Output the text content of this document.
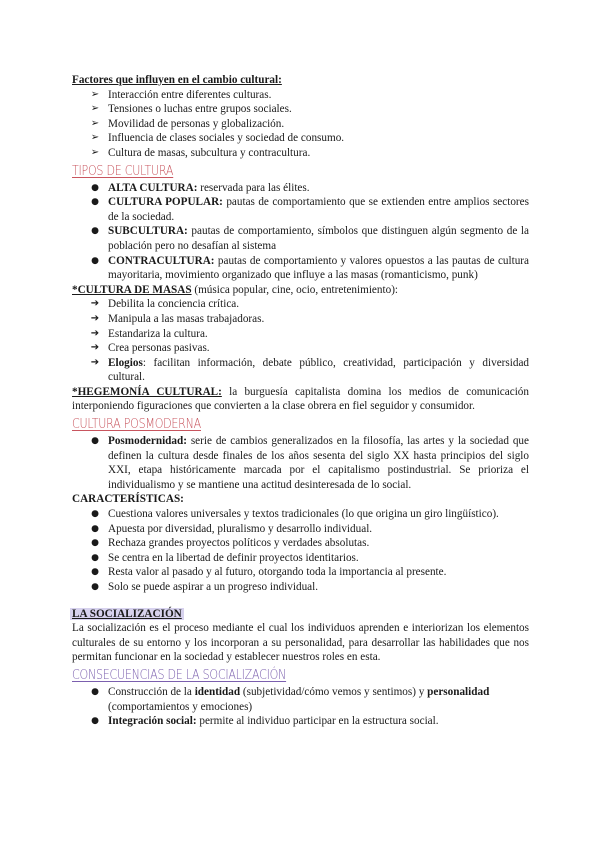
Factores que influyen en el cambio cultural:

➢ Interacción entre diferentes culturas.
➢ Tensiones o luchas entre grupos sociales.
➢ Movilidad de personas y globalización.
➢ Influencia de clases sociales y sociedad de consumo.
➢ Cultura de masas, subcultura y contracultura.

TIPOS DE CULTURA

● ALTA CULTURA: reservada para las élites.
● CULTURA POPULAR: pautas de comportamiento que se extienden entre amplios sectores de la sociedad.
● SUBCULTURA: pautas de comportamiento, símbolos que distinguen algún segmento de la población pero no desafían al sistema
● CONTRACULTURA: pautas de comportamiento y valores opuestos a las pautas de cultura mayoritaria, movimiento organizado que influye a las masas (romanticismo, punk)

*CULTURA DE MASAS (música popular, cine, ocio, entretenimiento):

➔ Debilita la conciencia crítica.
➔ Manipula a las masas trabajadoras.
➔ Estandariza la cultura.
➔ Crea personas pasivas.
➔ Elogios: facilitan información, debate público, creatividad, participación y diversidad cultural.

*HEGEMONÍA CULTURAL: la burguesía capitalista domina los medios de comunicación interponiendo figuraciones que convierten a la clase obrera en fiel seguidor y consumidor.

CULTURA POSMODERNA

● Posmodernidad: serie de cambios generalizados en la filosofía, las artes y la sociedad que definen la cultura desde finales de los años sesenta del siglo XX hasta principios del siglo XXI, etapa históricamente marcada por el capitalismo postindustrial. Se prioriza el individualismo y se mantiene una actitud desinteresada de lo social.

CARACTERÍSTICAS:

● Cuestiona valores universales y textos tradicionales (lo que origina un giro lingüístico).
● Apuesta por diversidad, pluralismo y desarrollo individual.
● Rechaza grandes proyectos políticos y verdades absolutas.
● Se centra en la libertad de definir proyectos identitarios.
● Resta valor al pasado y al futuro, otorgando toda la importancia al presente.
● Solo se puede aspirar a un progreso individual.

LA SOCIALIZACIÓN

La socialización es el proceso mediante el cual los individuos aprenden e interiorizan los elementos culturales de su entorno y los incorporan a su personalidad, para desarrollar las habilidades que nos permitan funcionar en la sociedad y establecer nuestros roles en esta.

CONSECUENCIAS DE LA SOCIALIZACIÓN

● Construcción de la identidad (subjetividad/cómo vemos y sentimos) y personalidad (comportamientos y emociones)
● Integración social: permite al individuo participar en la estructura social.
